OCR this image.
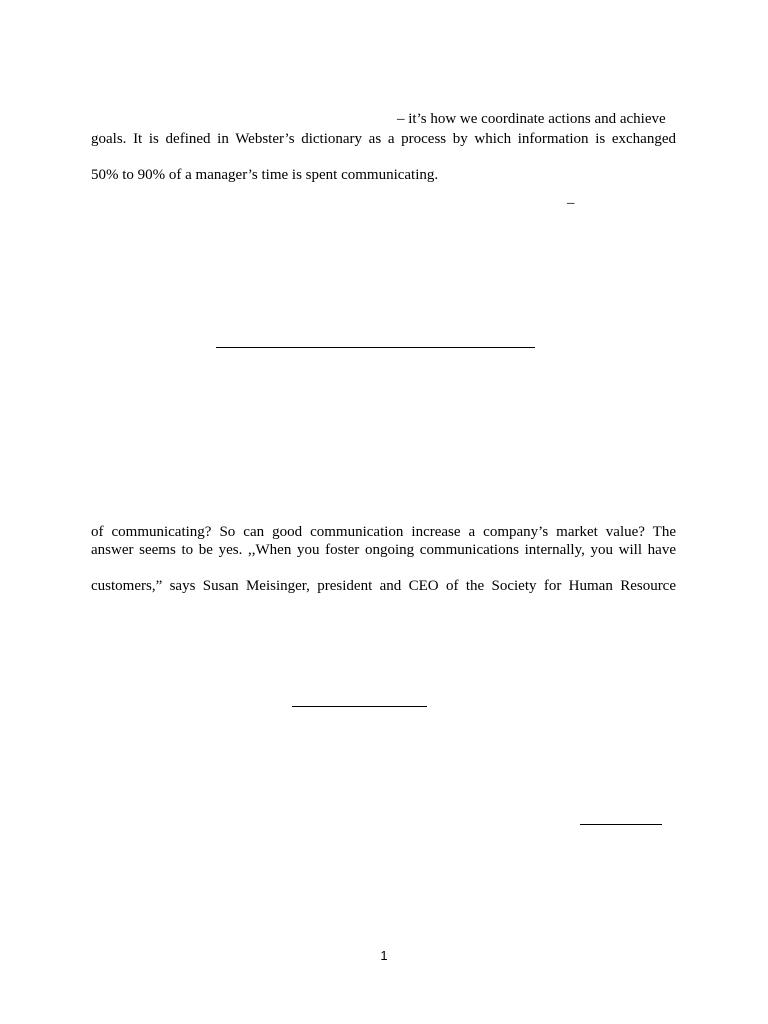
– it’s how we coordinate actions and achieve
goals. It is defined in Webster’s dictionary as a process by which information is exchanged
50% to 90% of a manager’s time is spent communicating.
–
of communicating? So can good communication increase a company’s market value? The
answer seems to be yes. ,,When you foster ongoing communications internally, you will have
customers,” says Susan Meisinger, president and CEO of the Society for Human Resource
1
